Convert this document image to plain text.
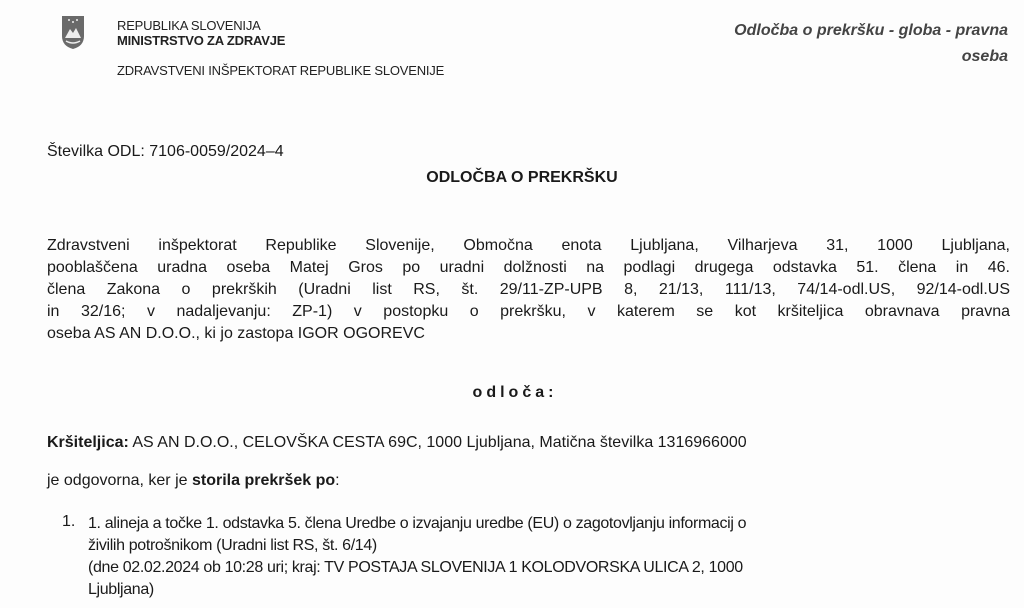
REPUBLIKA SLOVENIJA
MINISTRSTVO ZA ZDRAVJE
ZDRAVSTVENI INŠPEKTORAT REPUBLIKE SLOVENIJE
Odločba o prekršku - globa - pravna
oseba
Številka ODL: 7106-0059/2024–4
ODLOČBA O PREKRŠKU
Zdravstveni inšpektorat Republike Slovenije, Območna enota Ljubljana, Vilharjeva 31, 1000 Ljubljana,
pooblaščena uradna oseba Matej Gros po uradni dolžnosti na podlagi drugega odstavka 51. člena in 46.
člena Zakona o prekrških (Uradni list RS, št. 29/11-ZP-UPB 8, 21/13, 111/13, 74/14-odl.US, 92/14-odl.US
in 32/16; v nadaljevanju: ZP-1) v postopku o prekršku, v katerem se kot kršiteljica obravnava pravna
oseba AS AN D.O.O., ki jo zastopa IGOR OGOREVC
odloča:
Kršiteljica: AS AN D.O.O., CELOVŠKA CESTA 69C, 1000 Ljubljana, Matična številka 1316966000
je odgovorna, ker je storila prekršek po:
1. 1. alineja a točke 1. odstavka 5. člena Uredbe o izvajanju uredbe (EU) o zagotovljanju informacij o
živilih potrošnikom (Uradni list RS, št. 6/14)
(dne 02.02.2024 ob 10:28 uri; kraj: TV POSTAJA SLOVENIJA 1 KOLODVORSKA ULICA 2, 1000
Ljubljana)
